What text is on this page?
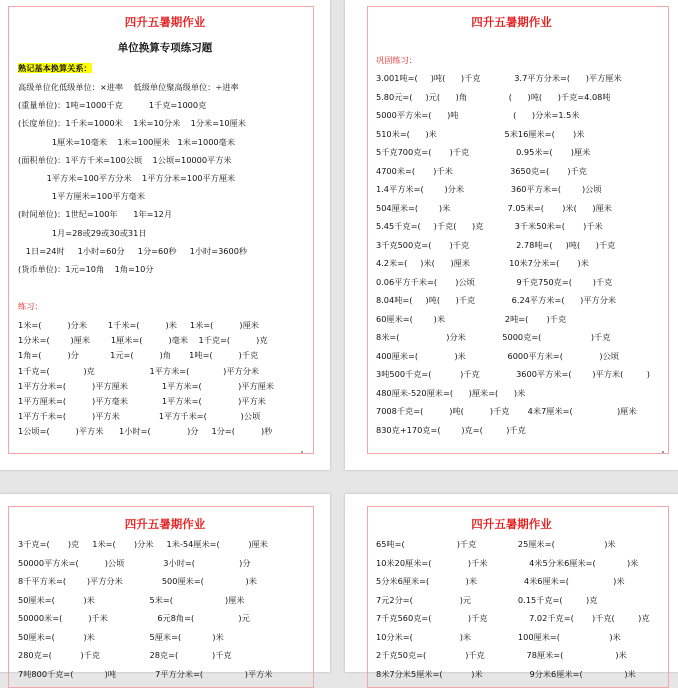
四升五暑期作业
单位换算专项练习题
熟记基本换算关系：
高级单位化低级单位：×进率    低级单位聚高级单位：÷进率
(重量单位)：1吨=1000千克          1千克=1000克
(长度单位)：1千米=1000米    1米=10分米    1分米=10厘米
1厘米=10毫米    1米=100厘米   1米=1000毫米
(面积单位)：1平方千米=100公顷    1公顷=10000平方米
1平方米=100平方分米    1平方分米=100平方厘米
1平方厘米=100平方毫米
(时间单位)：1世纪=100年      1年=12月
1月=28或29或30或31日
1日=24时     1小时=60分     1分=60秒     1小时=3600秒
(货币单位)：1元=10角    1角=10分
练习：
1米=(          )分米        1千米=(          )米     1米=(          )厘米
1分米=(        )厘米        1厘米=(          )毫米    1千克=(          )克
1角=(          )分            1元=(          )角       1吨=(          )千克
1千克=(             )克                     1平方米=(             )平方分米
1平方分米=(          )平方厘米             1平方米=(              )平方厘米
1平方厘米=(          )平方毫米             1平方米=(              )平方米
1平方千米=(          )平方米               1平方千米=(             )公顷
1公顷=(          )平方米      1小时=(              )分     1分=(          )秒
四升五暑期作业
巩固练习：
3.001吨=(     )吨(      )千克             3.7平方分米=(      )平方厘米
5.80元=(     )元(      )角                (      )吨(      )千克=4.08吨
5000平方米=(      )吨                     (      )分米=1.5米
510米=(      )米                          5米16厘米=(       )米
5千克700克=(       )千克                  0.95米=(       )厘米
4700米=(       )千米                      3650克=(       )千克
1.4平方米=(        )分米                  360平方米=(        )公顷
504厘米=(        )米                      7.05米=(       )米(      )厘米
5.45千克=(     )千克(      )克            3千米50米=(       )千米
3千克500克=(       )千克                  2.78吨=(     )吨(      )千克
4.2米=(     )米(      )厘米               10米7分米=(       )米
0.06平方千米=(       )公顷                9千克750克=(        )千克
8.04吨=(     )吨(      )千克              6.24平方米=(      )平方分米
60厘米=(        )米                       2吨=(       )千克
8米=(                  )分米              5000克=(                   )千克
400厘米=(              )米                6000平方米=(              )公顷
3吨500千克=(           )千克              3600平方米=(        )平方米(         )
480厘米-520厘米=(      )厘米=(      )米
7008千克=(          )吨(          )千克       4米7厘米=(                 )厘米
830克+170克=(        )克=(         )千克
四升五暑期作业
3千克=(       )克     1米=(       )分米     1米-54厘米=(           )厘米
50000平方米=(          )公顷               3小时=(                 )分
8千平方米=(        )平方分米               500厘米=(                )米
50厘米=(           )米                     5米=(                    )厘米
50000米=(          )千米                   6元8角=(                 )元
50厘米=(           )米                     5厘米=(            )米
280克=(           )千克                   28克=(             )千克
7吨800千克=(            )吨               7平方分米=(                )平方米
四升五暑期作业
65吨=(                    )千克                25厘米=(                   )米
10米20厘米=(              )千米                4米5分米6厘米=(            )米
5分米6厘米=(              )米                  4米6厘米=(                 )米
7元2分=(                  )元                  0.15千克=(         )克
7千克560克=(              )千克                7.02千克=(       )千克(         )克
10分米=(                  )米                  100厘米=(                   )米
2千克50克=(               )千克                78厘米=(                    )米
8米7分米5厘米=(           )米                  9分米6厘米=(                )米
